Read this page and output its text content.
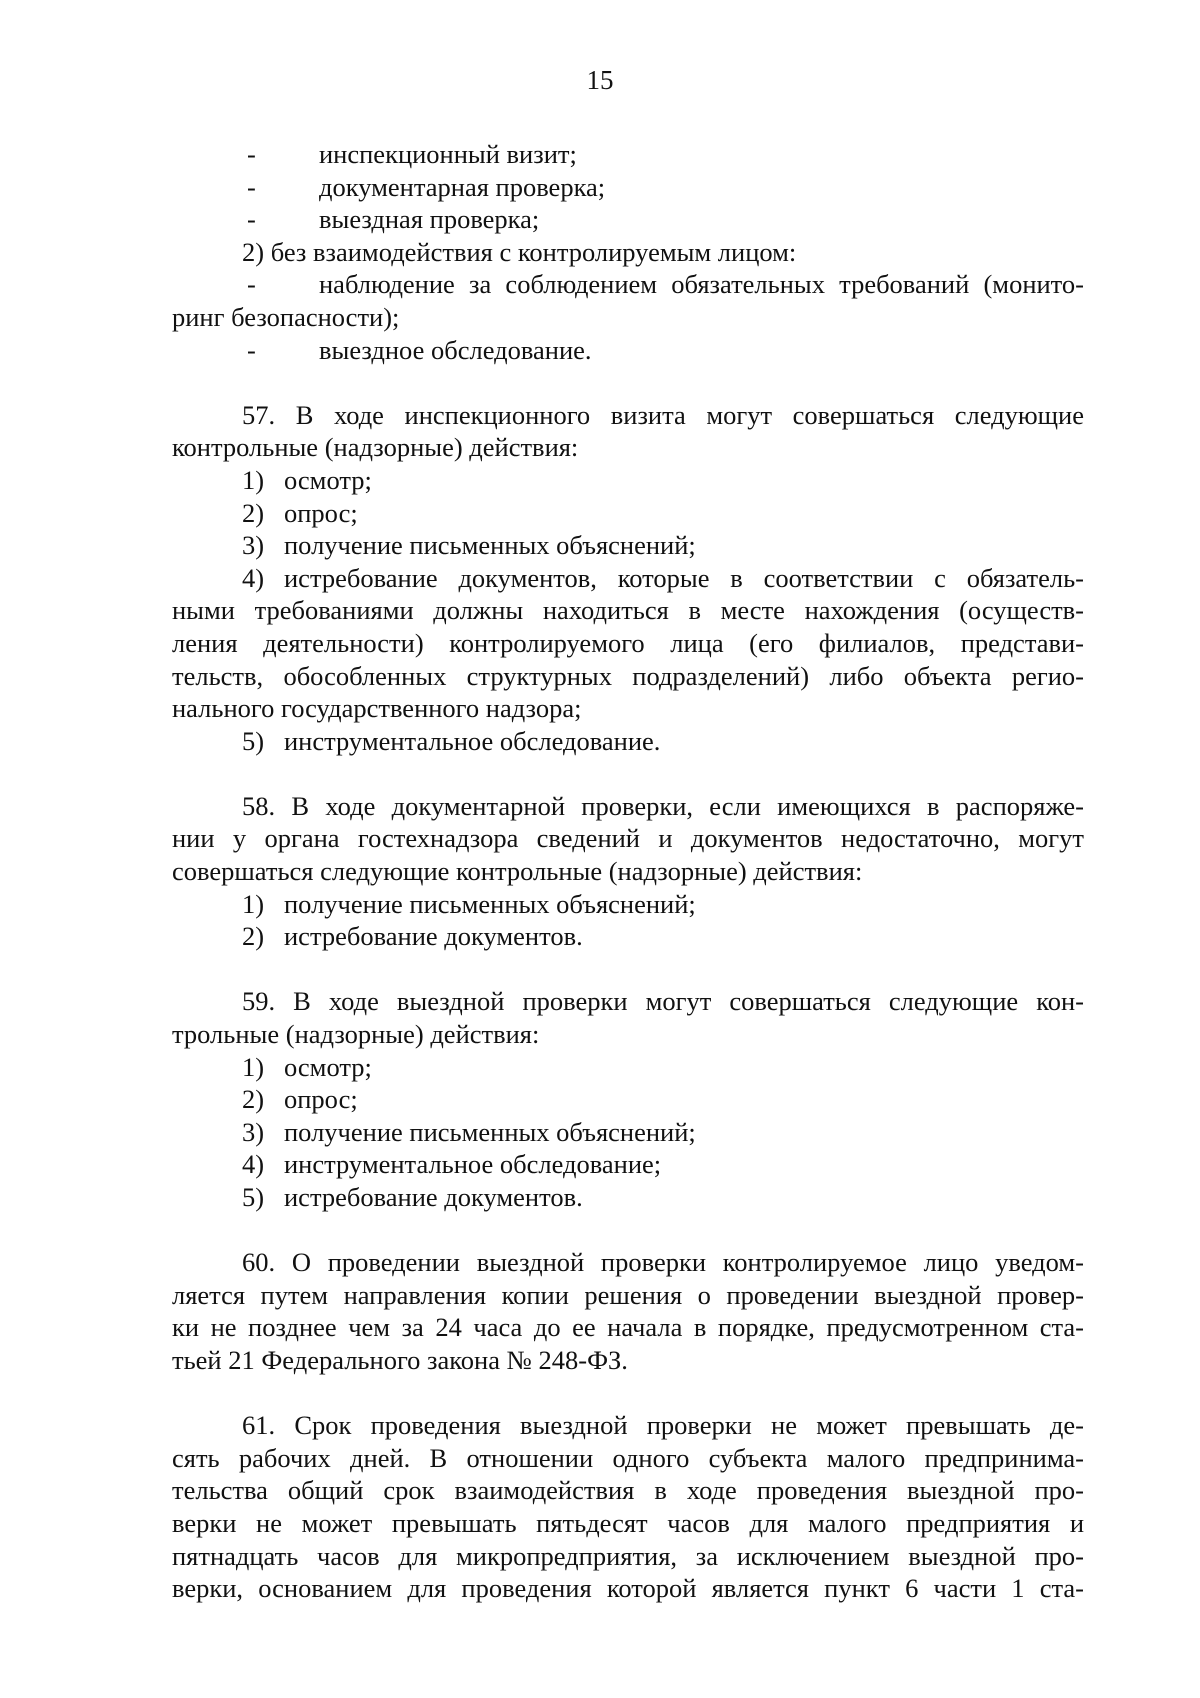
15
-	инспекционный визит;
-	документарная проверка;
-	выездная проверка;
2) без взаимодействия с контролируемым лицом:
-	наблюдение за соблюдением обязательных требований (монито-
ринг безопасности);
-	выездное обследование.
57. В ходе инспекционного визита могут совершаться следующие
контрольные (надзорные) действия:
1) осмотр;
2) опрос;
3) получение письменных объяснений;
4) истребование документов, которые в соответствии с обязатель-
ными требованиями должны находиться в месте нахождения (осуществ-
ления деятельности) контролируемого лица (его филиалов, представи-
тельств, обособленных структурных подразделений) либо объекта регио-
нального государственного надзора;
5) инструментальное обследование.
58. В ходе документарной проверки, если имеющихся в распоряже-
нии у органа гостехнадзора сведений и документов недостаточно, могут
совершаться следующие контрольные (надзорные) действия:
1) получение письменных объяснений;
2) истребование документов.
59. В ходе выездной проверки могут совершаться следующие кон-
трольные (надзорные) действия:
1) осмотр;
2) опрос;
3) получение письменных объяснений;
4) инструментальное обследование;
5) истребование документов.
60. О проведении выездной проверки контролируемое лицо уведом-
ляется путем направления копии решения о проведении выездной провер-
ки не позднее чем за 24 часа до ее начала в порядке, предусмотренном ста-
тьей 21 Федерального закона № 248-ФЗ.
61. Срок проведения выездной проверки не может превышать де-
сять рабочих дней. В отношении одного субъекта малого предпринима-
тельства общий срок взаимодействия в ходе проведения выездной про-
верки не может превышать пятьдесят часов для малого предприятия и
пятнадцать часов для микропредприятия, за исключением выездной про-
верки, основанием для проведения которой является пункт 6 части 1 ста-
